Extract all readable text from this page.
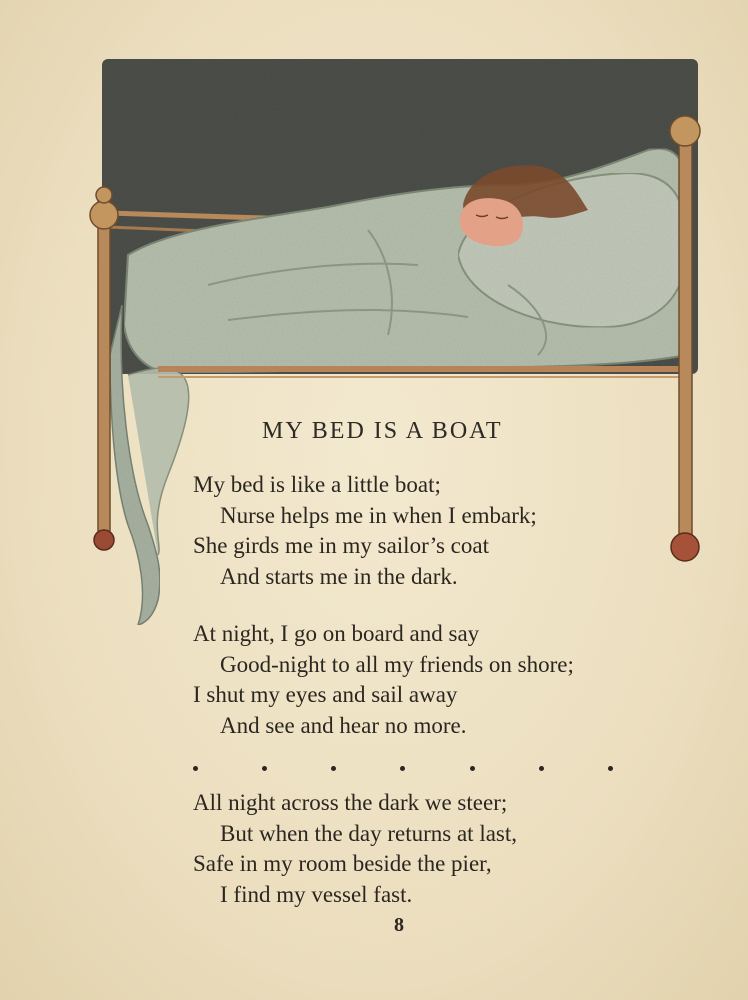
MY BED IS A BOAT
My bed is like a little boat;
Nurse helps me in when I embark;
She girds me in my sailor’s coat
And starts me in the dark.
At night, I go on board and say
Good-night to all my friends on shore;
I shut my eyes and sail away
And see and hear no more.
All night across the dark we steer;
But when the day returns at last,
Safe in my room beside the pier,
I find my vessel fast.
8
